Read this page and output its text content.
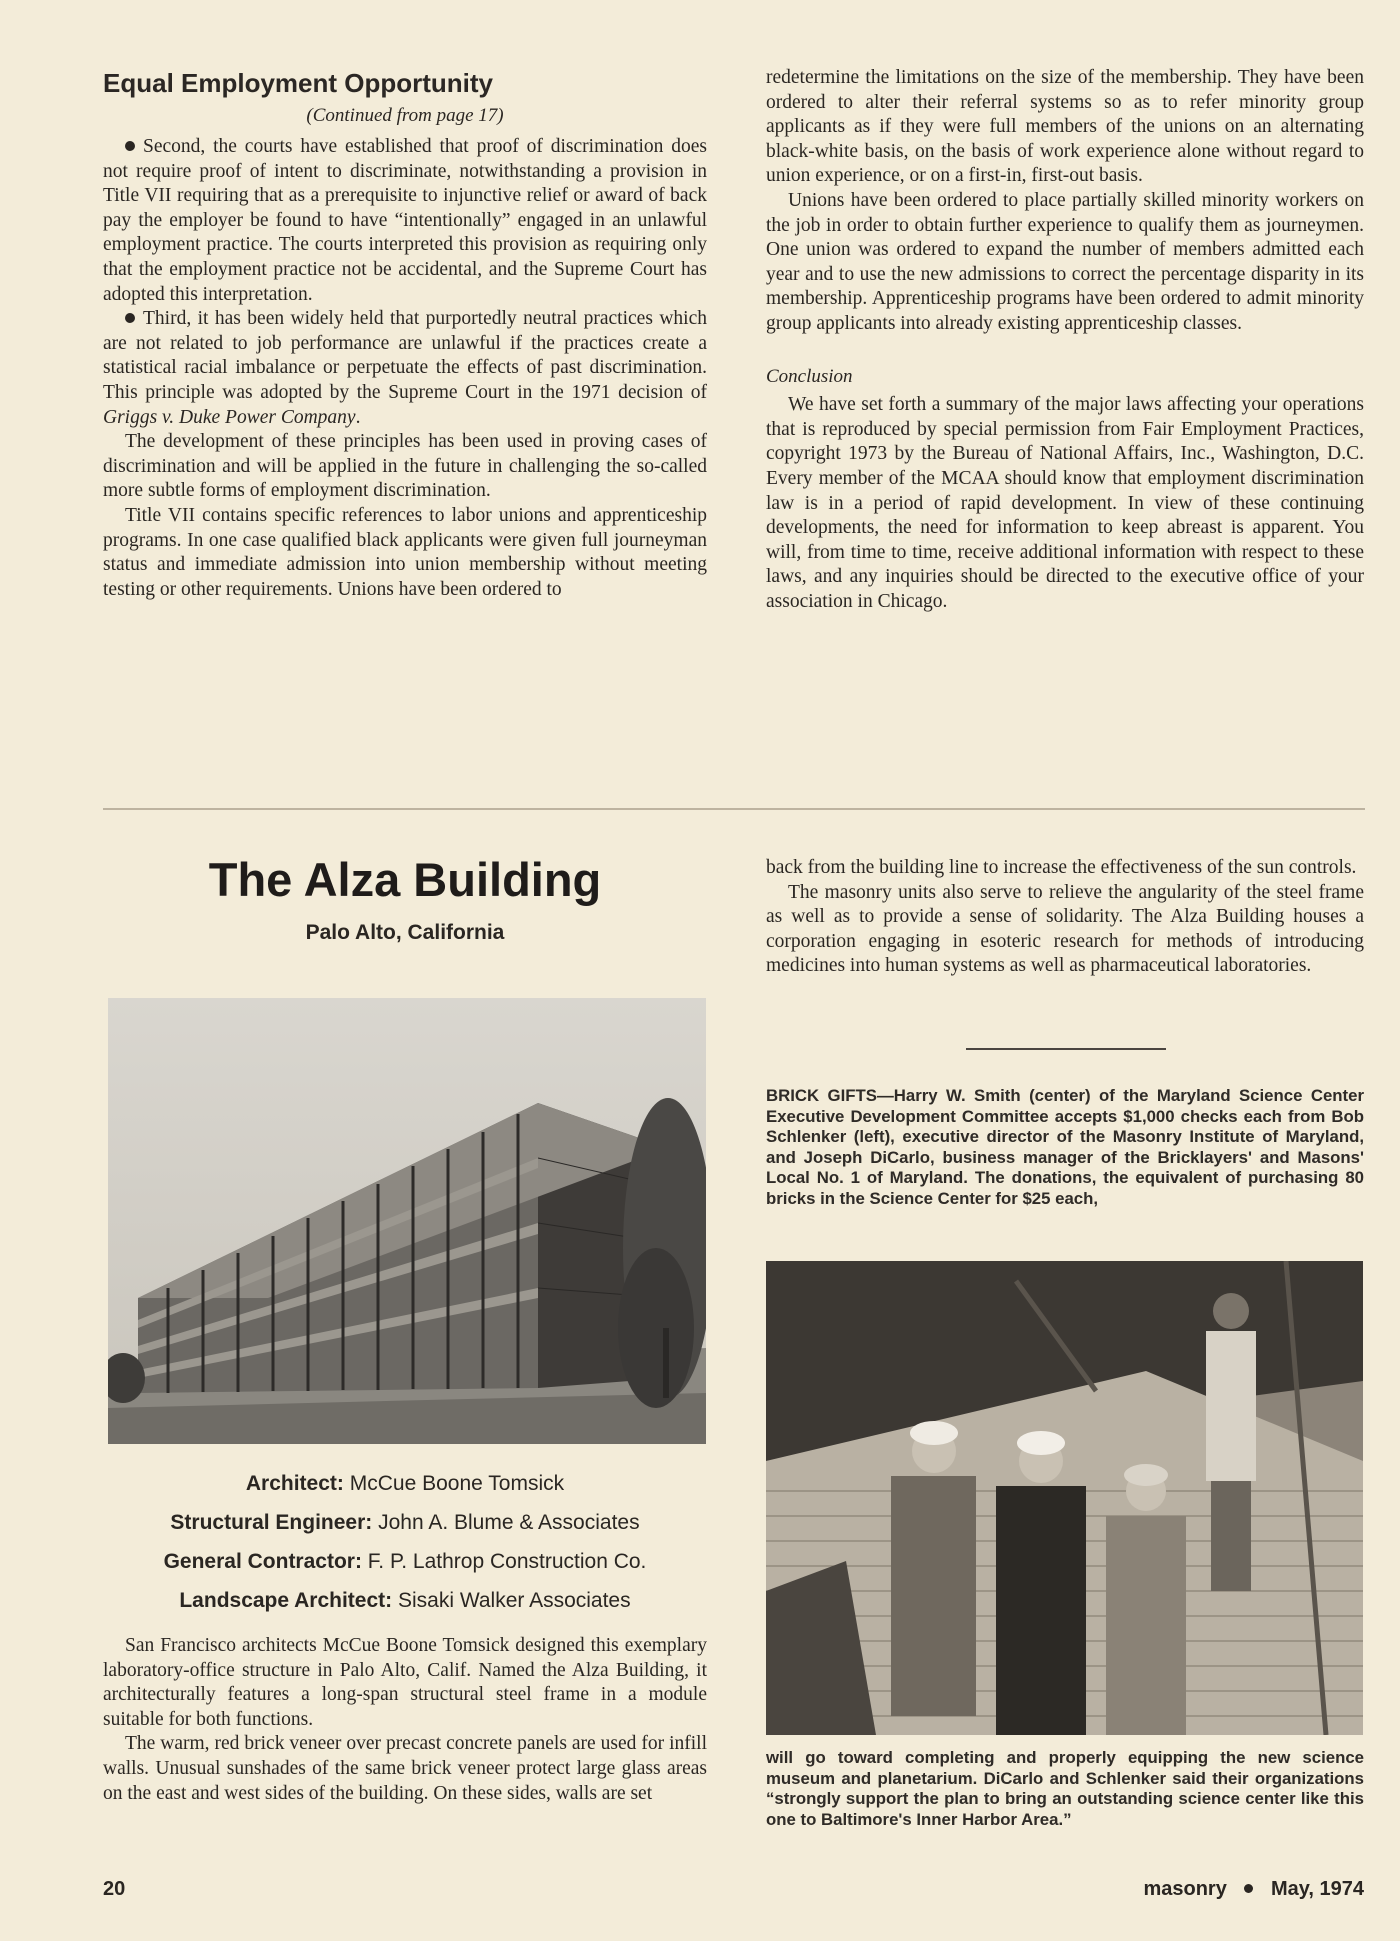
Equal Employment Opportunity
(Continued from page 17)

Second, the courts have established that proof of discrimination does not require proof of intent to discriminate, notwithstanding a provision in Title VII requiring that as a prerequisite to injunctive relief or award of back pay the employer be found to have “intentionally” engaged in an unlawful employment practice. The courts interpreted this provision as requiring only that the employment practice not be accidental, and the Supreme Court has adopted this interpretation.

Third, it has been widely held that purportedly neutral practices which are not related to job performance are unlawful if the practices create a statistical racial imbalance or perpetuate the effects of past discrimination. This principle was adopted by the Supreme Court in the 1971 decision of Griggs v. Duke Power Company.

The development of these principles has been used in proving cases of discrimination and will be applied in the future in challenging the so-called more subtle forms of employment discrimination.

Title VII contains specific references to labor unions and apprenticeship programs. In one case qualified black applicants were given full journeyman status and immediate admission into union membership without meeting testing or other requirements. Unions have been ordered to

redetermine the limitations on the size of the membership. They have been ordered to alter their referral systems so as to refer minority group applicants as if they were full members of the unions on an alternating black-white basis, on the basis of work experience alone without regard to union experience, or on a first-in, first-out basis.

Unions have been ordered to place partially skilled minority workers on the job in order to obtain further experience to qualify them as journeymen. One union was ordered to expand the number of members admitted each year and to use the new admissions to correct the percentage disparity in its membership. Apprenticeship programs have been ordered to admit minority group applicants into already existing apprenticeship classes.

Conclusion

We have set forth a summary of the major laws affecting your operations that is reproduced by special permission from Fair Employment Practices, copyright 1973 by the Bureau of National Affairs, Inc., Washington, D.C. Every member of the MCAA should know that employment discrimination law is in a period of rapid development. In view of these continuing developments, the need for information to keep abreast is apparent. You will, from time to time, receive additional information with respect to these laws, and any inquiries should be directed to the executive office of your association in Chicago.

The Alza Building
Palo Alto, California
Architect: McCue Boone Tomsick
Structural Engineer: John A. Blume & Associates
General Contractor: F. P. Lathrop Construction Co.
Landscape Architect: Sisaki Walker Associates

San Francisco architects McCue Boone Tomsick designed this exemplary laboratory-office structure in Palo Alto, Calif. Named the Alza Building, it architecturally features a long-span structural steel frame in a module suitable for both functions.

The warm, red brick veneer over precast concrete panels are used for infill walls. Unusual sunshades of the same brick veneer protect large glass areas on the east and west sides of the building. On these sides, walls are set

back from the building line to increase the effectiveness of the sun controls.

The masonry units also serve to relieve the angularity of the steel frame as well as to provide a sense of solidarity. The Alza Building houses a corporation engaging in esoteric research for methods of introducing medicines into human systems as well as pharmaceutical laboratories.

BRICK GIFTS—Harry W. Smith (center) of the Maryland Science Center Executive Development Committee accepts $1,000 checks each from Bob Schlenker (left), executive director of the Masonry Institute of Maryland, and Joseph DiCarlo, business manager of the Bricklayers' and Masons' Local No. 1 of Maryland. The donations, the equivalent of purchasing 80 bricks in the Science Center for $25 each,
will go toward completing and properly equipping the new science museum and planetarium. DiCarlo and Schlenker said their organizations “strongly support the plan to bring an outstanding science center like this one to Baltimore's Inner Harbor Area.”
20	masonry May, 1974
